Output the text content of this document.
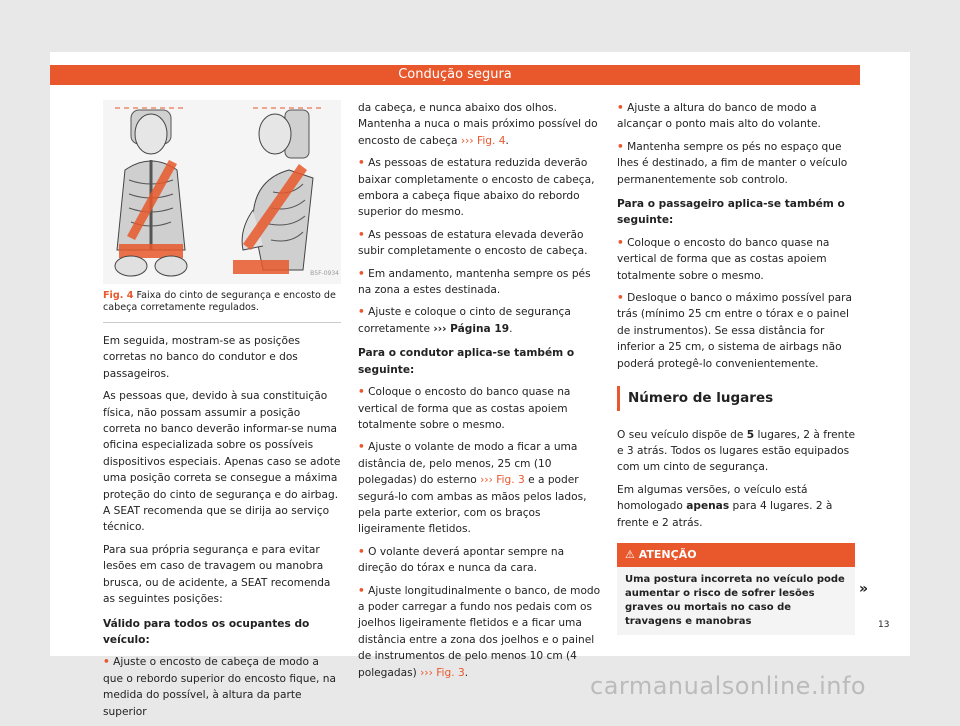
Condução segura
B5F-0934
Fig. 4 Faixa do cinto de segurança e encosto de cabeça corretamente regulados.

Em seguida, mostram-se as posições corretas no banco do condutor e dos passageiros.

As pessoas que, devido à sua constituição física, não possam assumir a posição correta no banco deverão informar-se numa oficina especializada sobre os possíveis dispositivos especiais. Apenas caso se adote uma posição correta se consegue a máxima proteção do cinto de segurança e do airbag. A SEAT recomenda que se dirija ao serviço técnico.

Para sua própria segurança e para evitar lesões em caso de travagem ou manobra brusca, ou de acidente, a SEAT recomenda as seguintes posições:

Válido para todos os ocupantes do veículo:
• Ajuste o encosto de cabeça de modo a que o rebordo superior do encosto fique, na medida do possível, à altura da parte superior

da cabeça, e nunca abaixo dos olhos. Mantenha a nuca o mais próximo possível do encosto de cabeça ››› Fig. 4.

• As pessoas de estatura reduzida deverão baixar completamente o encosto de cabeça, embora a cabeça fique abaixo do rebordo superior do mesmo.
• As pessoas de estatura elevada deverão subir completamente o encosto de cabeça.
• Em andamento, mantenha sempre os pés na zona a estes destinada.
• Ajuste e coloque o cinto de segurança corretamente ››› Página 19.
Para o condutor aplica-se também o seguinte:
• Coloque o encosto do banco quase na vertical de forma que as costas apoiem totalmente sobre o mesmo.
• Ajuste o volante de modo a ficar a uma distância de, pelo menos, 25 cm (10 polegadas) do esterno ››› Fig. 3 e a poder segurá-lo com ambas as mãos pelos lados, pela parte exterior, com os braços ligeiramente fletidos.
• O volante deverá apontar sempre na direção do tórax e nunca da cara.
• Ajuste longitudinalmente o banco, de modo a poder carregar a fundo nos pedais com os joelhos ligeiramente fletidos e a ficar uma distância entre a zona dos joelhos e o painel de instrumentos de pelo menos 10 cm (4 polegadas) ››› Fig. 3.
• Ajuste a altura do banco de modo a alcançar o ponto mais alto do volante.
• Mantenha sempre os pés no espaço que lhes é destinado, a fim de manter o veículo permanentemente sob controlo.
Para o passageiro aplica-se também o seguinte:
• Coloque o encosto do banco quase na vertical de forma que as costas apoiem totalmente sobre o mesmo.
• Desloque o banco o máximo possível para trás (mínimo 25 cm entre o tórax e o painel de instrumentos). Se essa distância for inferior a 25 cm, o sistema de airbags não poderá protegê-lo convenientemente.
Número de lugares

O seu veículo dispõe de 5 lugares, 2 à frente e 3 atrás. Todos os lugares estão equipados com um cinto de segurança.

Em algumas versões, o veículo está homologado apenas para 4 lugares. 2 à frente e 2 atrás.

⚠ ATENÇÃO
Uma postura incorreta no veículo pode aumentar o risco de sofrer lesões graves ou mortais no caso de travagens e manobras
»
13
carmanualsonline.info
